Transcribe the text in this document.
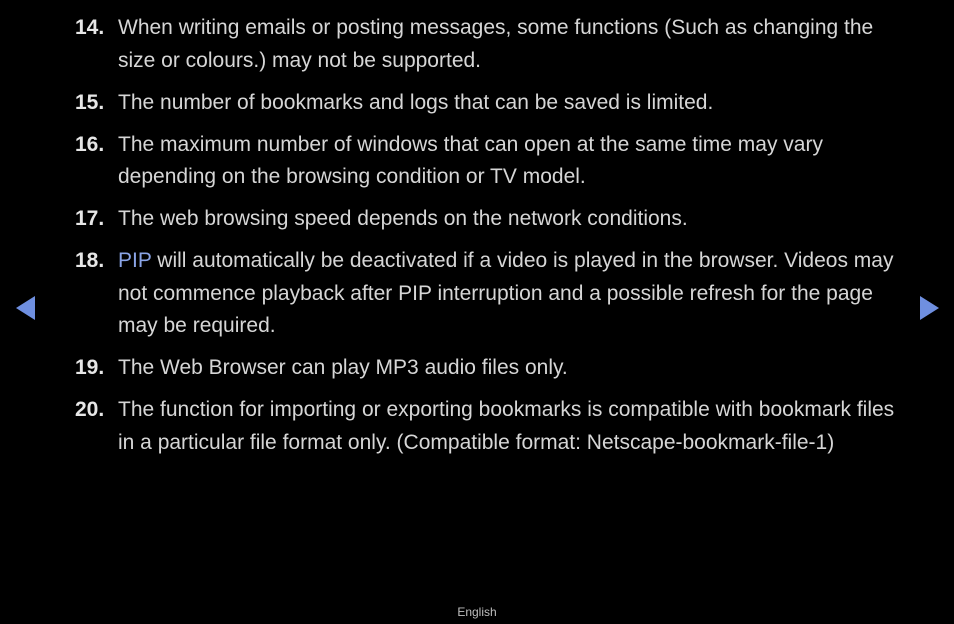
14. When writing emails or posting messages, some functions (Such as changing the size or colours.) may not be supported.
15. The number of bookmarks and logs that can be saved is limited.
16. The maximum number of windows that can open at the same time may vary depending on the browsing condition or TV model.
17. The web browsing speed depends on the network conditions.
18. PIP will automatically be deactivated if a video is played in the browser. Videos may not commence playback after PIP interruption and a possible refresh for the page may be required.
19. The Web Browser can play MP3 audio files only.
20. The function for importing or exporting bookmarks is compatible with bookmark files in a particular file format only. (Compatible format: Netscape-bookmark-file-1)
English
